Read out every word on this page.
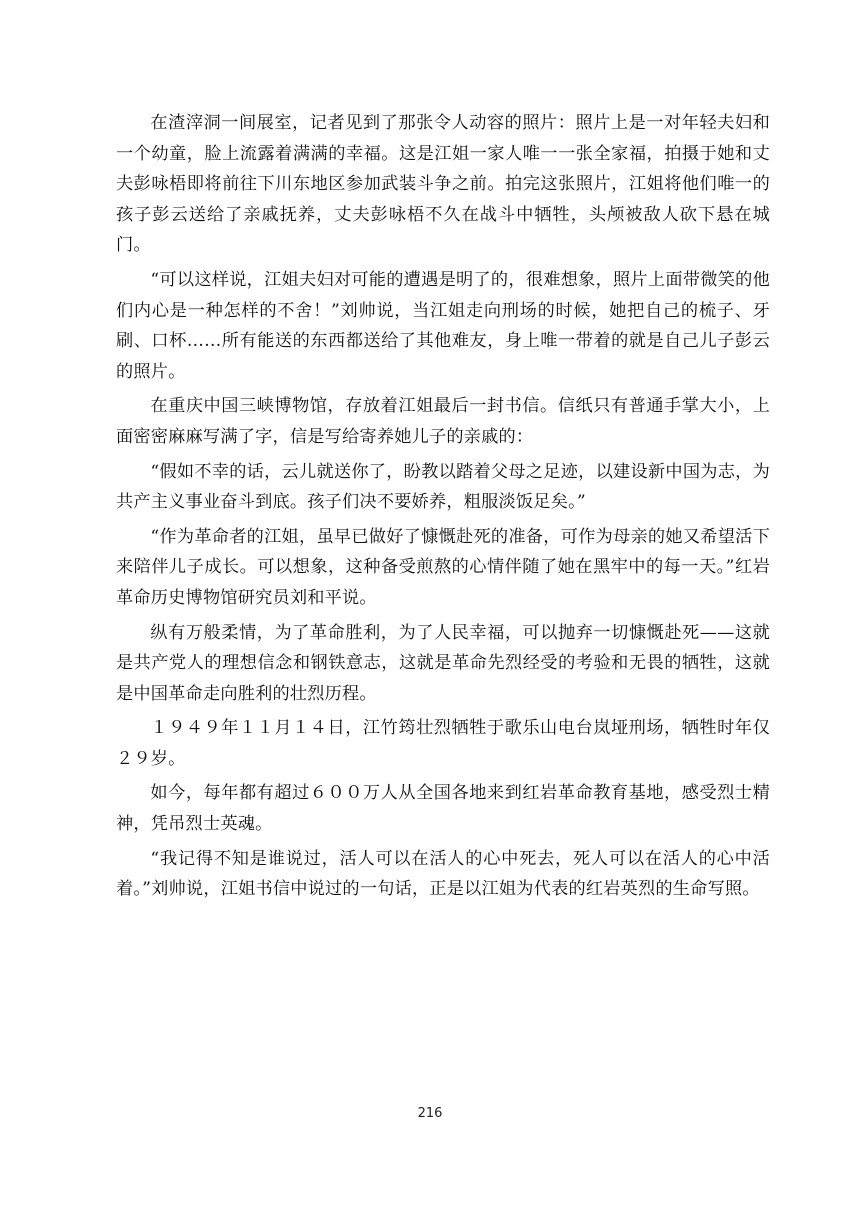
在渣滓洞一间展室，记者见到了那张令人动容的照片：照片上是一对年轻夫妇和一个幼童，脸上流露着满满的幸福。这是江姐一家人唯一一张全家福，拍摄于她和丈夫彭咏梧即将前往下川东地区参加武装斗争之前。拍完这张照片，江姐将他们唯一的孩子彭云送给了亲戚抚养，丈夫彭咏梧不久在战斗中牺牲，头颅被敌人砍下悬在城门。

“可以这样说，江姐夫妇对可能的遭遇是明了的，很难想象，照片上面带微笑的他们内心是一种怎样的不舍！”刘帅说，当江姐走向刑场的时候，她把自己的梳子、牙刷、口杯……所有能送的东西都送给了其他难友，身上唯一带着的就是自己儿子彭云的照片。

在重庆中国三峡博物馆，存放着江姐最后一封书信。信纸只有普通手掌大小，上面密密麻麻写满了字，信是写给寄养她儿子的亲戚的：

“假如不幸的话，云儿就送你了，盼教以踏着父母之足迹，以建设新中国为志，为共产主义事业奋斗到底。孩子们决不要娇养，粗服淡饭足矣。”

“作为革命者的江姐，虽早已做好了慷慨赴死的准备，可作为母亲的她又希望活下来陪伴儿子成长。可以想象，这种备受煎熬的心情伴随了她在黑牢中的每一天。”红岩革命历史博物馆研究员刘和平说。

纵有万般柔情，为了革命胜利，为了人民幸福，可以抛弃一切慷慨赴死——这就是共产党人的理想信念和钢铁意志，这就是革命先烈经受的考验和无畏的牺牲，这就是中国革命走向胜利的壮烈历程。

１９４９年１１月１４日，江竹筠壮烈牺牲于歌乐山电台岚垭刑场，牺牲时年仅２９岁。

如今，每年都有超过６００万人从全国各地来到红岩革命教育基地，感受烈士精神，凭吊烈士英魂。

“我记得不知是谁说过，活人可以在活人的心中死去，死人可以在活人的心中活着。”刘帅说，江姐书信中说过的一句话，正是以江姐为代表的红岩英烈的生命写照。

216
